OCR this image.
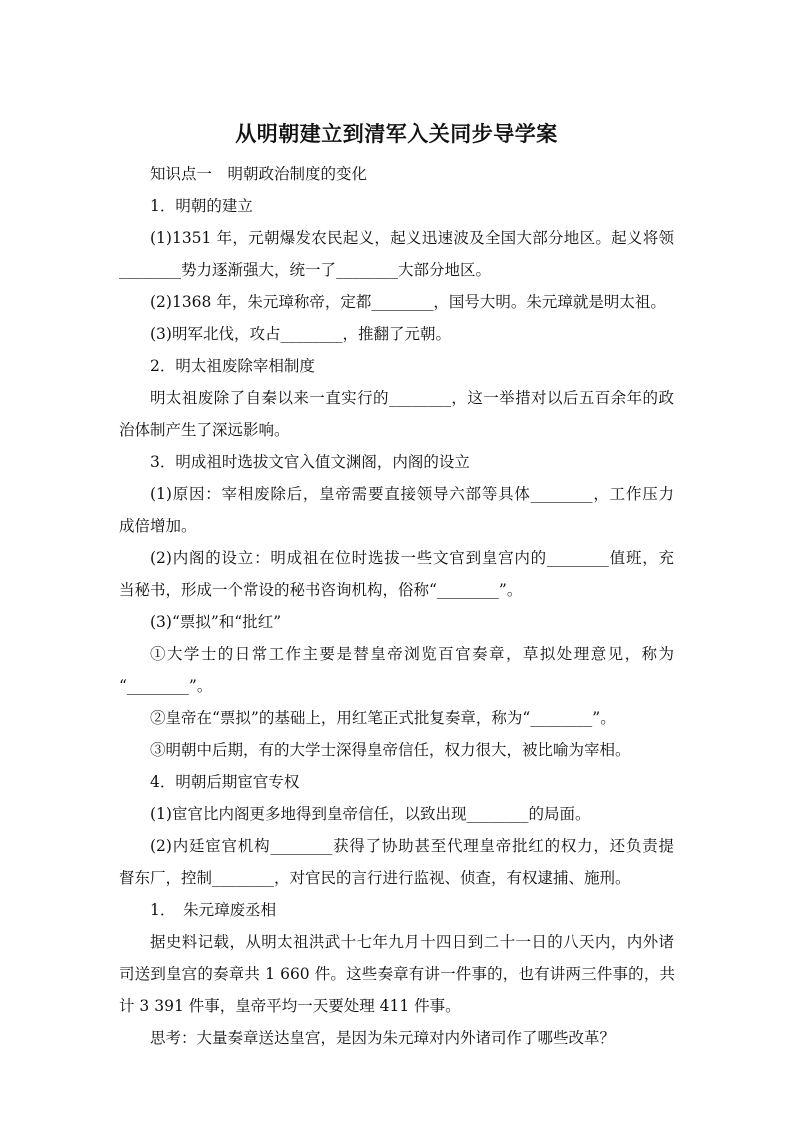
从明朝建立到清军入关同步导学案
知识点一　明朝政治制度的变化
1．明朝的建立
(1)1351 年，元朝爆发农民起义，起义迅速波及全国大部分地区。起义将领
________势力逐渐强大，统一了________大部分地区。
(2)1368 年，朱元璋称帝，定都________，国号大明。朱元璋就是明太祖。
(3)明军北伐，攻占________，推翻了元朝。
2．明太祖废除宰相制度
明太祖废除了自秦以来一直实行的________，这一举措对以后五百余年的政
治体制产生了深远影响。
3．明成祖时选拔文官入值文渊阁，内阁的设立
(1)原因：宰相废除后，皇帝需要直接领导六部等具体________，工作压力
成倍增加。
(2)内阁的设立：明成祖在位时选拔一些文官到皇宫内的________值班，充
当秘书，形成一个常设的秘书咨询机构，俗称“________”。
(3)“票拟”和“批红”
①大学士的日常工作主要是替皇帝浏览百官奏章，草拟处理意见，称为
“________”。
②皇帝在“票拟”的基础上，用红笔正式批复奏章，称为“________”。
③明朝中后期，有的大学士深得皇帝信任，权力很大，被比喻为宰相。
4．明朝后期宦官专权
(1)宦官比内阁更多地得到皇帝信任，以致出现________的局面。
(2)内廷宦官机构________获得了协助甚至代理皇帝批红的权力，还负责提
督东厂，控制________，对官民的言行进行监视、侦查，有权逮捕、施刑。
1．　朱元璋废丞相
据史料记载，从明太祖洪武十七年九月十四日到二十一日的八天内，内外诸
司送到皇宫的奏章共 1 660 件。这些奏章有讲一件事的，也有讲两三件事的，共
计 3 391 件事，皇帝平均一天要处理 411 件事。
思考：大量奏章送达皇宫，是因为朱元璋对内外诸司作了哪些改革？
